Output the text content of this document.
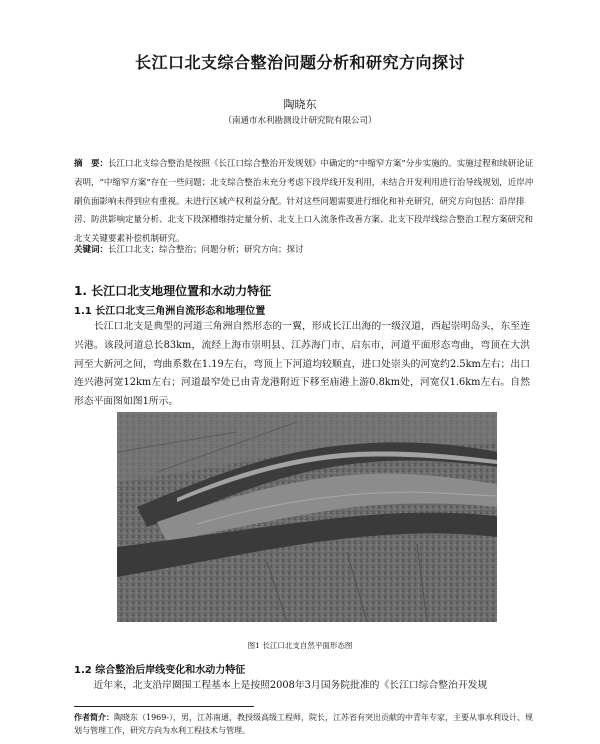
长江口北支综合整治问题分析和研究方向探讨
陶晓东
（南通市水利勘测设计研究院有限公司）
摘　要：长江口北支综合整治是按照《长江口综合整治开发规划》中确定的“中缩窄方案”分步实施的。实施过程和续研论证表明，“中缩窄方案”存在一些问题；北支综合整治未充分考虑下段岸线开发利用，未结合开发利用进行治导线规划，近岸冲刷负面影响未得到应有重视。未进行区域产权利益分配。针对这些问题需要进行细化和补充研究，研究方向包括：沿岸排涝、防洪影响定量分析、北支下段深槽维持定量分析、北支上口入流条件改善方案、北支下段岸线综合整治工程方案研究和北支关键要素补偿机制研究。
关键词：长江口北支；综合整治；问题分析；研究方向；探讨
1. 长江口北支地理位置和水动力特征
1.1 长江口北支三角洲自流形态和地理位置
长江口北支是典型的河道三角洲自然形态的一翼，形成长江出海的一级汊道，西起崇明岛头，东至连兴港。该段河道总长83km，流经上海市崇明县、江苏海门市、启东市，河道平面形态弯曲，弯顶在大洪河至大新河之间，弯曲系数在1.19左右，弯顶上下河道均较顺直，进口处崇头的河宽约2.5km左右；出口连兴港河宽12km左右；河道最窄处已由青龙港附近下移至庙港上游0.8km处，河宽仅1.6km左右。自然形态平面图如图1所示。
图1 长江口北支自然平面形态图
1.2 综合整治后岸线变化和水动力特征
近年来，北支沿岸圈围工程基本上是按照2008年3月国务院批准的《长江口综合整治开发规
作者简介：陶晓东（1969-），男，江苏南通，教授级高级工程师，院长，江苏省有突出贡献的中青年专家，主要从事水利设计、规划与管理工作，研究方向为水利工程技术与管理。
